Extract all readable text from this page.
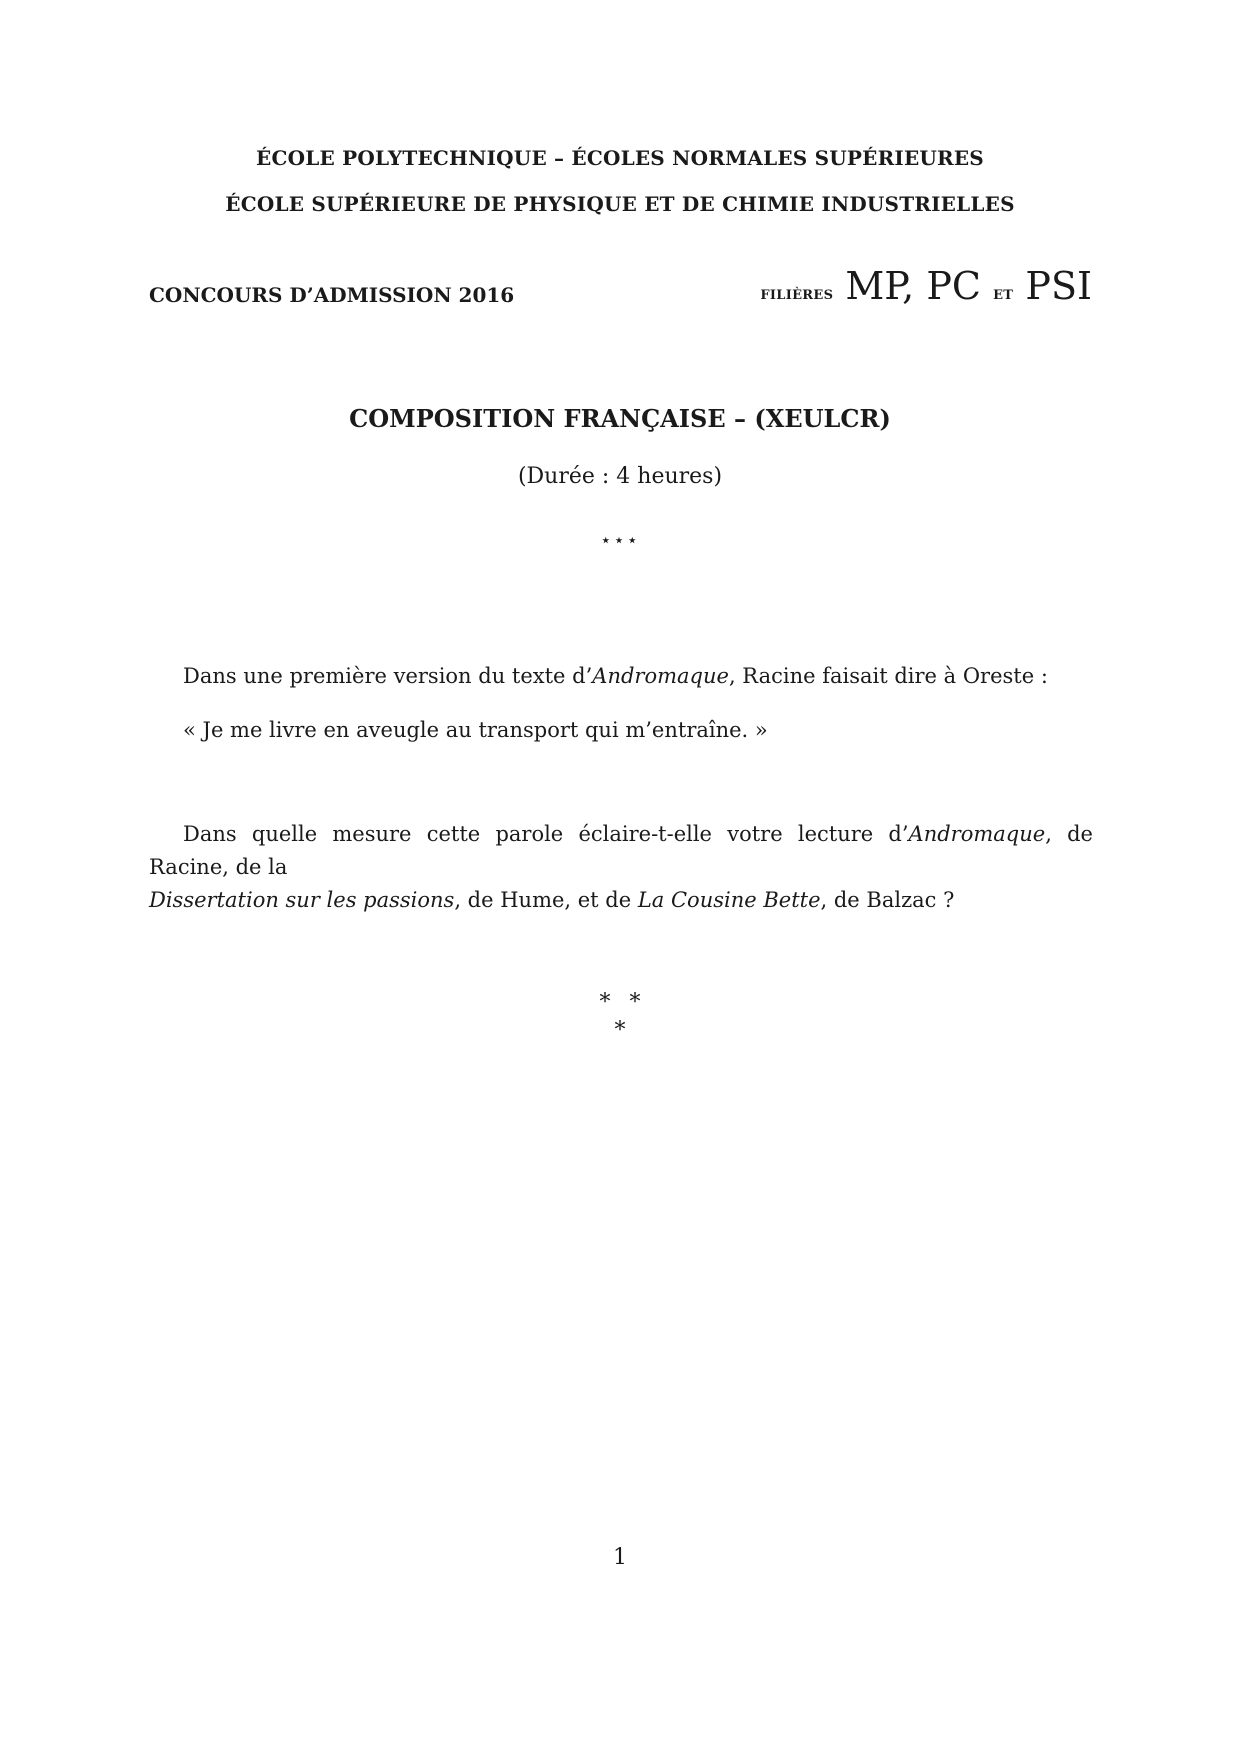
ÉCOLE POLYTECHNIQUE – ÉCOLES NORMALES SUPÉRIEURES
ÉCOLE SUPÉRIEURE DE PHYSIQUE ET DE CHIMIE INDUSTRIELLES
CONCOURS D’ADMISSION 2016	filières MP, PC et PSI
COMPOSITION FRANÇAISE – (XEULCR)
(Durée : 4 heures)
⋆⋆⋆
Dans une première version du texte d’Andromaque, Racine faisait dire à Oreste :
« Je me livre en aveugle au transport qui m’entraîne. »
Dans quelle mesure cette parole éclaire-t-elle votre lecture d’Andromaque, de Racine, de la
Dissertation sur les passions, de Hume, et de La Cousine Bette, de Balzac ?
* *
*
1
